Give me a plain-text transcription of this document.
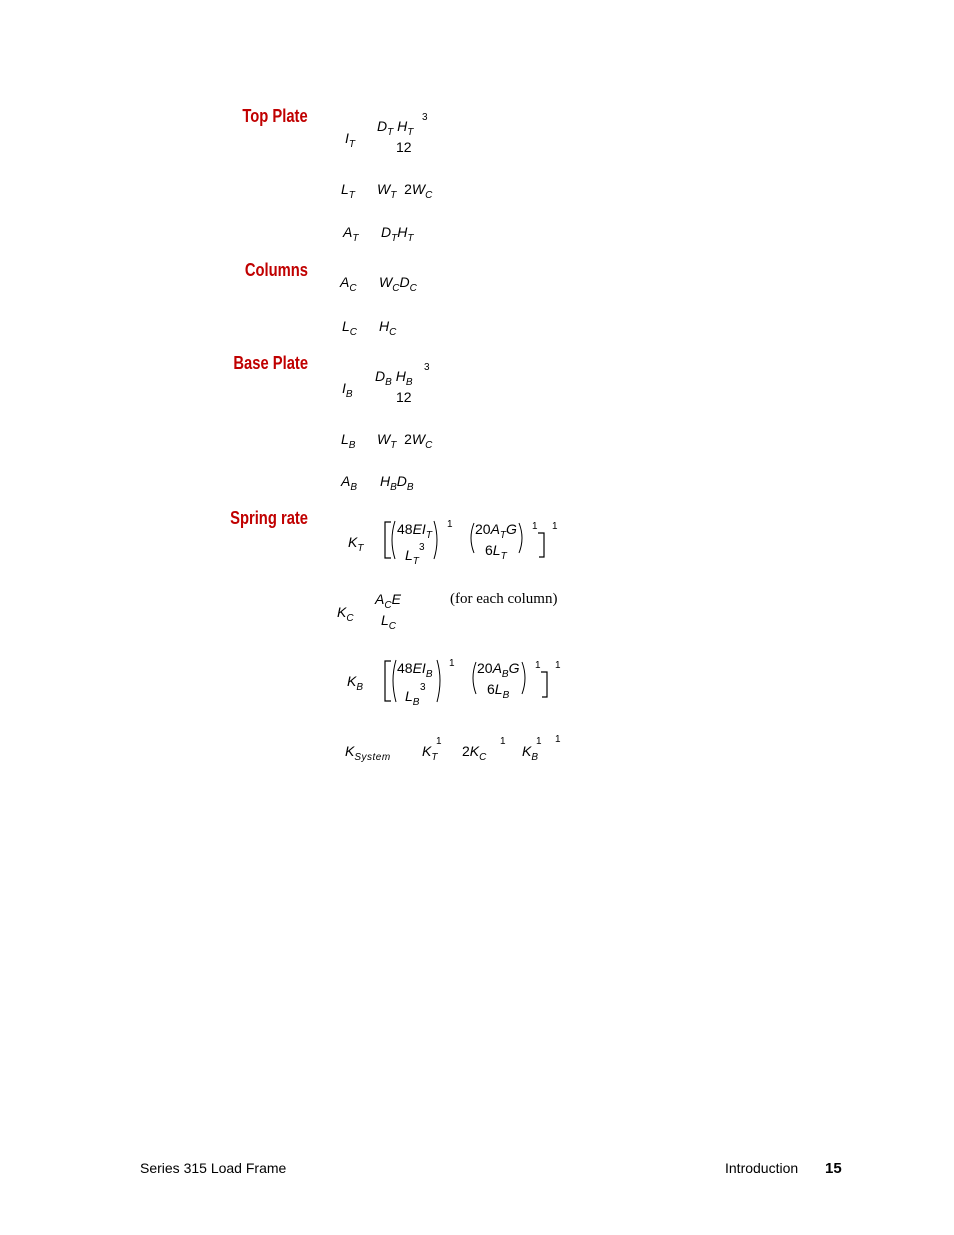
Top Plate
Columns
Base Plate
Spring rate
$I_T$
$D_T$ $H_T$
3
12
$L_T$ $W_T$ $2W_C$
$A_T$ $D_TH_T$
$A_C$ $W_CD_C$
$L_C$ $H_C$
$I_B$
$D_B$ $H_B$
3
12
$L_B$ $W_T$ $2W_C$
$A_B$ $H_BD_B$
$K_T$
$48EI_T$
1
$L_T$
3
$20A_TG$
$6L_T$
1 1
$K_C$
$A_CE$
$L_C$
(for each column)
$K_B$
$48EI_B$
1
$L_B$
3
$20A_BG$
$6L_B$
1 1
$K_{System}$ $K_T$
1
$2K_C$
1
$K_B$
1 1
Series 315 Load Frame	Introduction 15
